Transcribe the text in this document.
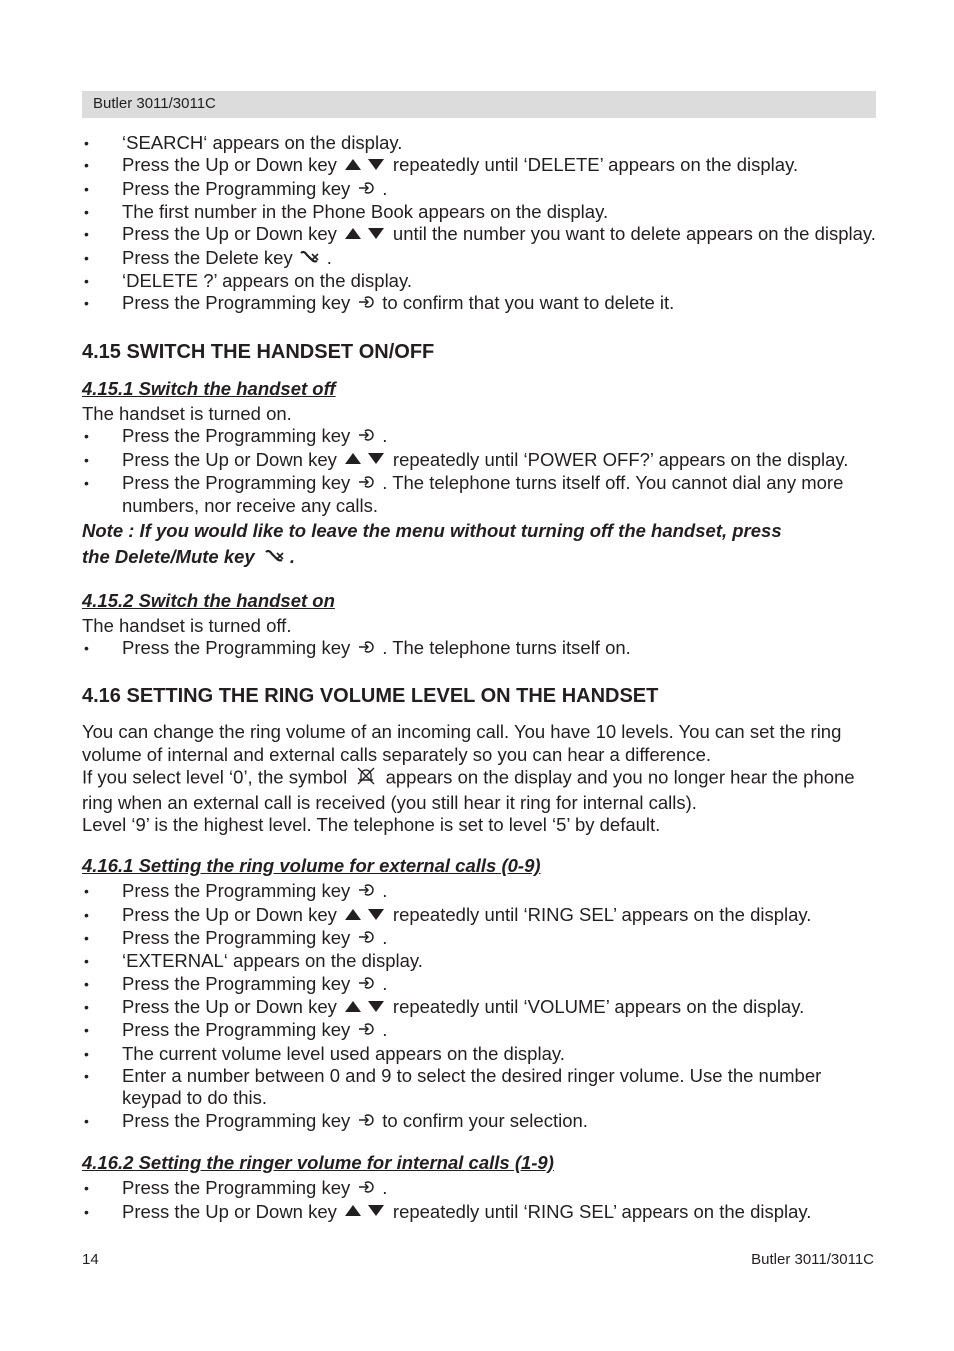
Butler 3011/3011C
• ‘SEARCH‘ appears on the display.
• Press the Up or Down key	repeatedly until ‘DELETE’ appears on the display.
• Press the Programming key .
• The first number in the Phone Book appears on the display.
• Press the Up or Down key	until the number you want to delete appears on the display.
• Press the Delete key .
• ‘DELETE ?’ appears on the display.
• Press the Programming key to confirm that you want to delete it.
4.15 SWITCH THE HANDSET ON/OFF
4.15.1 Switch the handset off

The handset is turned on.

• Press the Programming key .
• Press the Up or Down key	repeatedly until ‘POWER OFF?’ appears on the display.
• Press the Programming key . The telephone turns itself off. You cannot dial any more numbers, nor receive any calls.

Note : If you would like to leave the menu without turning off the handset, press
the Delete/Mute key .

4.15.2 Switch the handset on

The handset is turned off.

• Press the Programming key . The telephone turns itself on.
4.16 SETTING THE RING VOLUME LEVEL ON THE HANDSET

You can change the ring volume of an incoming call. You have 10 levels. You can set the ring volume of internal and external calls separately so you can hear a difference.

If you select level ‘0’, the symbol appears on the display and you no longer hear the phone ring when an external call is received (you still hear it ring for internal calls).

Level ‘9’ is the highest level. The telephone is set to level ‘5’ by default.

4.16.1 Setting the ring volume for external calls (0-9)
• Press the Programming key .
• Press the Up or Down key	repeatedly until ‘RING SEL’ appears on the display.
• Press the Programming key .
• ‘EXTERNAL‘ appears on the display.
• Press the Programming key .
• Press the Up or Down key	repeatedly until ‘VOLUME’ appears on the display.
• Press the Programming key .
• The current volume level used appears on the display.
• Enter a number between 0 and 9 to select the desired ringer volume. Use the number keypad to do this.
• Press the Programming key to confirm your selection.
4.16.2 Setting the ringer volume for internal calls (1-9)
• Press the Programming key .
• Press the Up or Down key	repeatedly until ‘RING SEL’ appears on the display.
14	Butler 3011/3011C
